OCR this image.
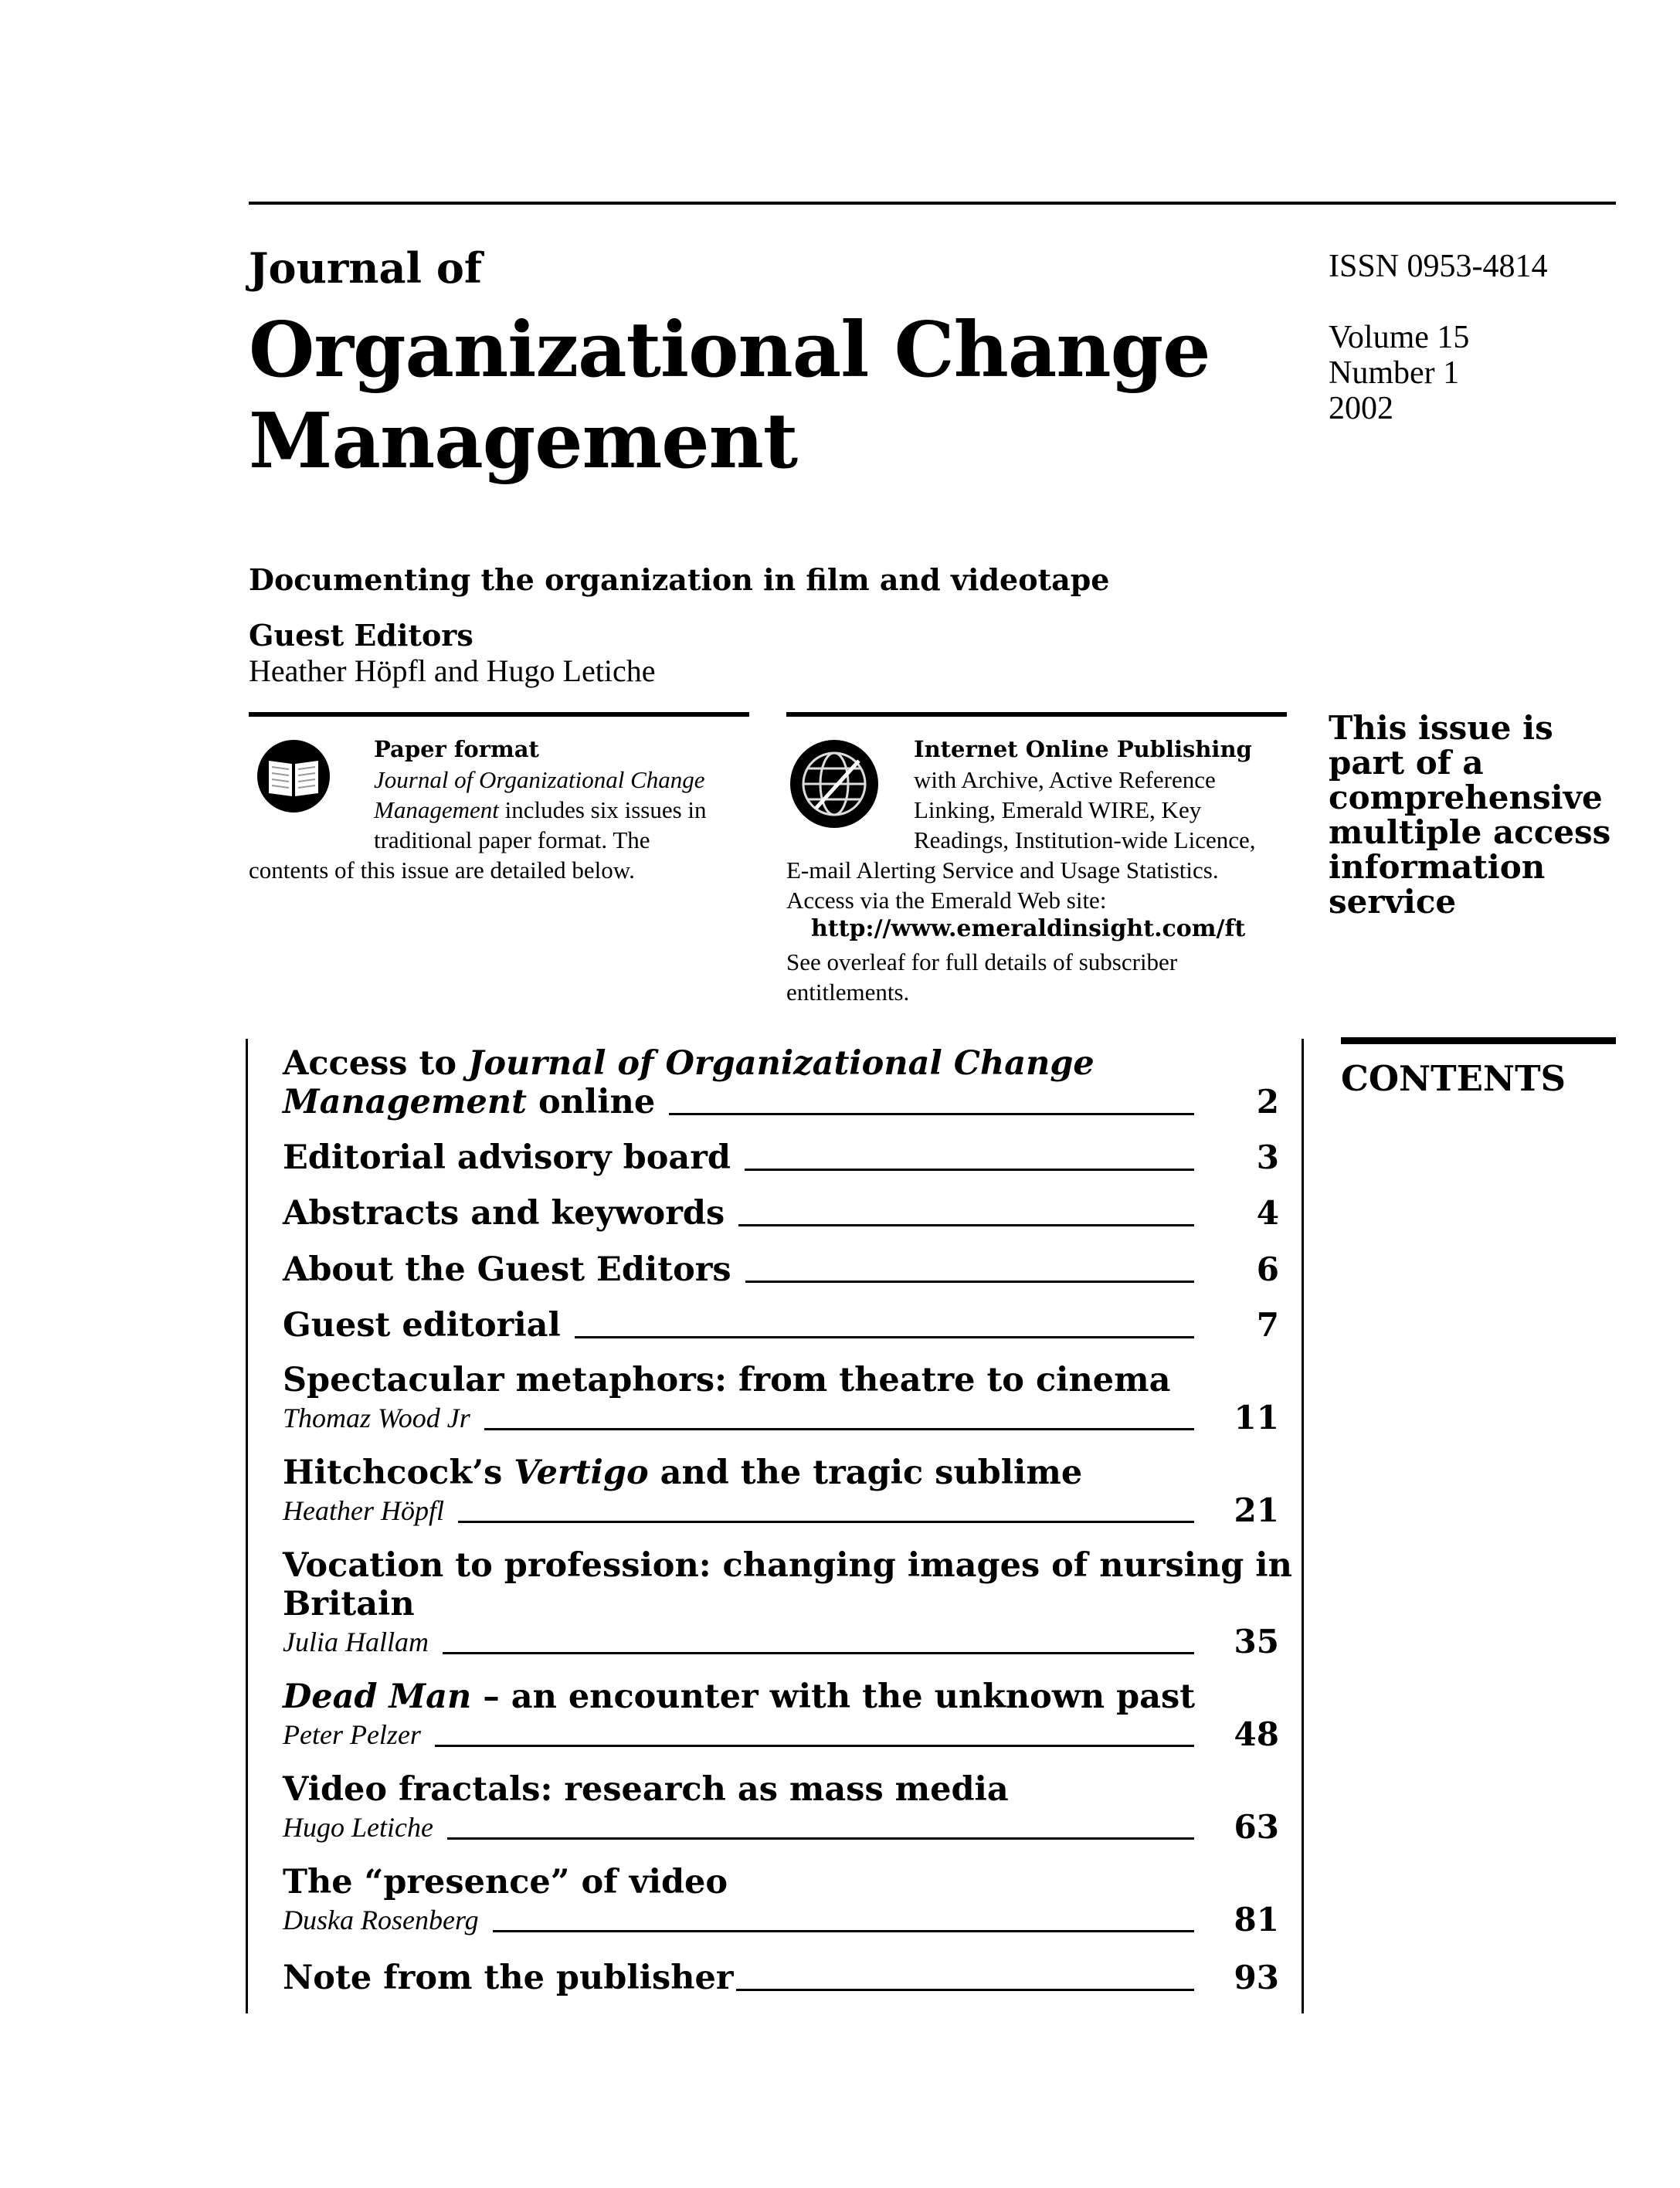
Journal of
Organizational Change
Management
ISSN 0953-4814
Volume 15
Number 1
2002
Documenting the organization in film and videotape
Guest Editors
Heather Höpfl and Hugo Letiche
Paper format
Journal of Organizational Change
Management includes six issues in
traditional paper format. The
contents of this issue are detailed below.
Internet Online Publishing
with Archive, Active Reference
Linking, Emerald WIRE, Key
Readings, Institution-wide Licence,
E-mail Alerting Service and Usage Statistics.
Access via the Emerald Web site:
http://www.emeraldinsight.com/ft
See overleaf for full details of subscriber
entitlements.
This issue is
part of a
comprehensive
multiple access
information
service
CONTENTS
Access to Journal of Organizational Change
Management online	2
Editorial advisory board	3
Abstracts and keywords	4
About the Guest Editors	6
Guest editorial	7
Spectacular metaphors: from theatre to cinema
Thomaz Wood Jr	11
Hitchcock’s Vertigo and the tragic sublime
Heather Höpfl	21
Vocation to profession: changing images of nursing in
Britain
Julia Hallam	35
Dead Man – an encounter with the unknown past
Peter Pelzer	48
Video fractals: research as mass media
Hugo Letiche	63
The “presence” of video
Duska Rosenberg	81
Note from the publisher	93
